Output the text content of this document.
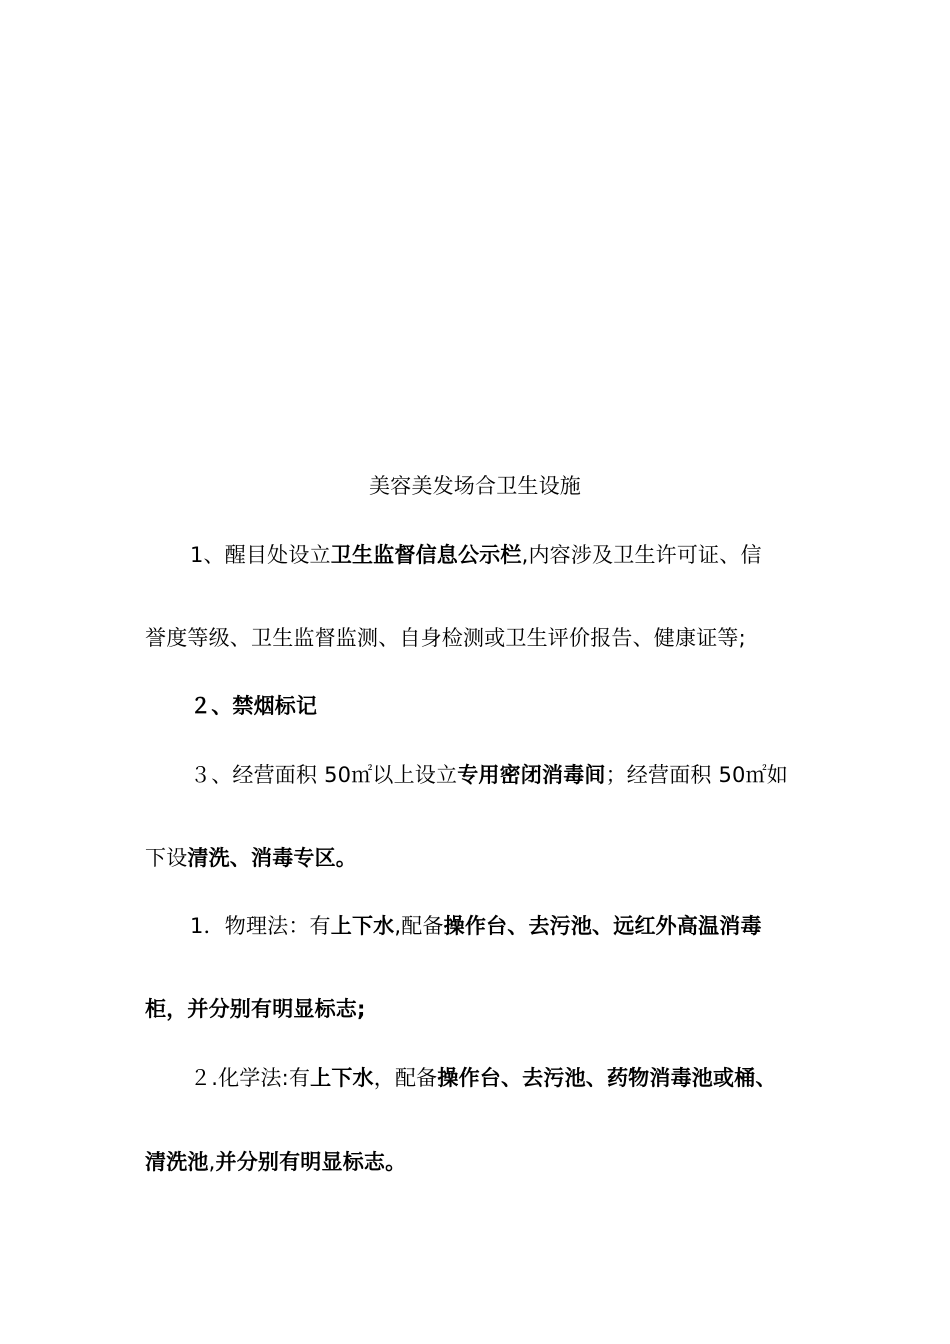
美容美发场合卫生设施
1、醒目处设立卫生监督信息公示栏,内容涉及卫生许可证、信
誉度等级、卫生监督监测、自身检测或卫生评价报告、健康证等;
２、禁烟标记
３、经营面积 50㎡以上设立专用密闭消毒间；经营面积 50㎡如
下设清洗、消毒专区。
1．物理法：有上下水,配备操作台、去污池、远红外高温消毒
柜，并分别有明显标志;
２.化学法:有上下水，配备操作台、去污池、药物消毒池或桶、
清洗池,并分别有明显标志。
